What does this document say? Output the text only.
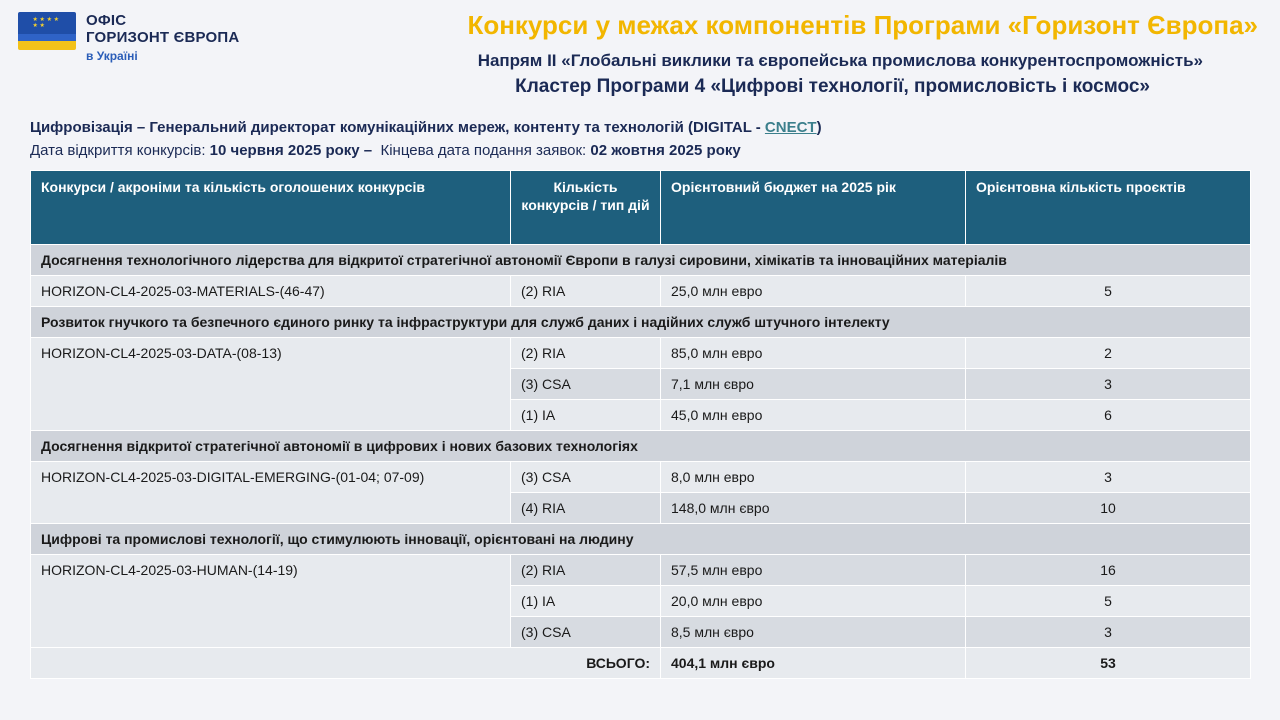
★ ★ ★ ★ ★ ★	ОФІС
ГОРИЗОНТ ЄВРОПА
в Україні
Конкурси у межах компонентів Програми «Горизонт Європа»
Напрям ІІ «Глобальні виклики та європейська промислова конкурентоспроможність»
Кластер Програми 4 «Цифрові технології, промисловість і космос»
Цифровізація – Генеральний директорат комунікаційних мереж, контенту та технологій (DIGITAL - CNECT)
Дата відкриття конкурсів: 10 червня 2025 року –  Кінцева дата подання заявок: 02 жовтня 2025 року
Конкурси / акроніми та кількість оголошених конкурсів	Кількість конкурсів / тип дій	Орієнтовний бюджет на 2025 рік	Орієнтовна кількість проєктів
Досягнення технологічного лідерства для відкритої стратегічної автономії Європи в галузі сировини, хімікатів та інноваційних матеріалів			
HORIZON-CL4-2025-03-MATERIALS-(46-47)	(2) RIA	25,0 млн евро	5
Розвиток гнучкого та безпечного єдиного ринку та інфраструктури для служб даних і надійних служб штучного інтелекту			
HORIZON-CL4-2025-03-DATA-(08-13)	(2) RIA	85,0 млн евро	2
	(3) CSA	7,1 млн євро	3
	(1) IA	45,0 млн евро	6
Досягнення відкритої стратегічної автономії в цифрових і нових базових технологіях			
HORIZON-CL4-2025-03-DIGITAL-EMERGING-(01-04; 07-09)	(3) CSA	8,0 млн евро	3
	(4) RIA	148,0 млн євро	10
Цифрові та промислові технології, що стимулюють інновації, орієнтовані на людину			
HORIZON-CL4-2025-03-HUMAN-(14-19)	(2) RIA	57,5 млн евро	16
	(1) IA	20,0 млн евро	5
	(3) CSA	8,5 млн євро	3
ВСЬОГО:		404,1 млн євро	53
